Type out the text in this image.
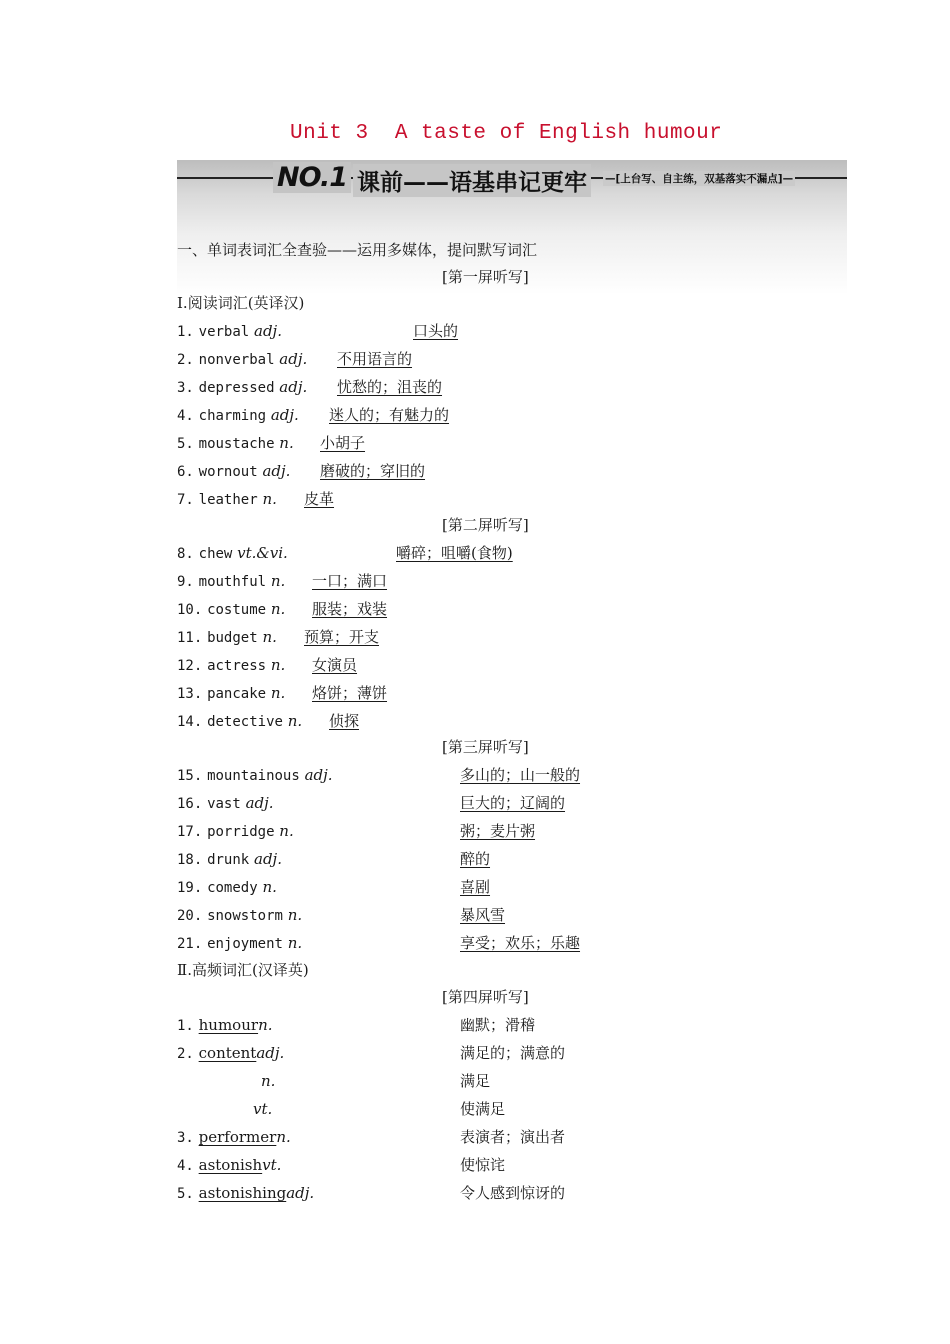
Unit 3  A taste of English humour
NO.1 课前——语基串记更牢	—[上台写、自主练，双基落实不漏点]—
一、单词表词汇全查验——运用多媒体，提问默写词汇
[第一屏听写]
Ⅰ.阅读词汇(英译汉)
1. verbal adj.	口头的
2. nonverbal adj. 不用语言的
3. depressed adj. 忧愁的；沮丧的
4. charming adj. 迷人的；有魅力的
5. moustache n. 小胡子
6. wornout adj. 磨破的；穿旧的
7. leather n. 皮革
[第二屏听写]
8. chew vt.&vi.	嚼碎；咀嚼(食物)
9. mouthful n. 一口；满口
10. costume n. 服装；戏装
11. budget n. 预算；开支
12. actress n. 女演员
13. pancake n. 烙饼；薄饼
14. detective n. 侦探
[第三屏听写]
15. mountainous adj.	多山的；山一般的
16. vast adj.	巨大的；辽阔的
17. porridge n.	粥；麦片粥
18. drunk adj.	醉的
19. comedy n.	喜剧
20. snowstorm n.	暴风雪
21. enjoyment n.	享受；欢乐；乐趣
Ⅱ.高频词汇(汉译英)
[第四屏听写]
1. humourn.	幽默；滑稽
2. contentadj.	满足的；满意的
n.	满足
vt.	使满足
3. performern.	表演者；演出者
4. astonishvt.	使惊诧
5. astonishingadj.	令人感到惊讶的
